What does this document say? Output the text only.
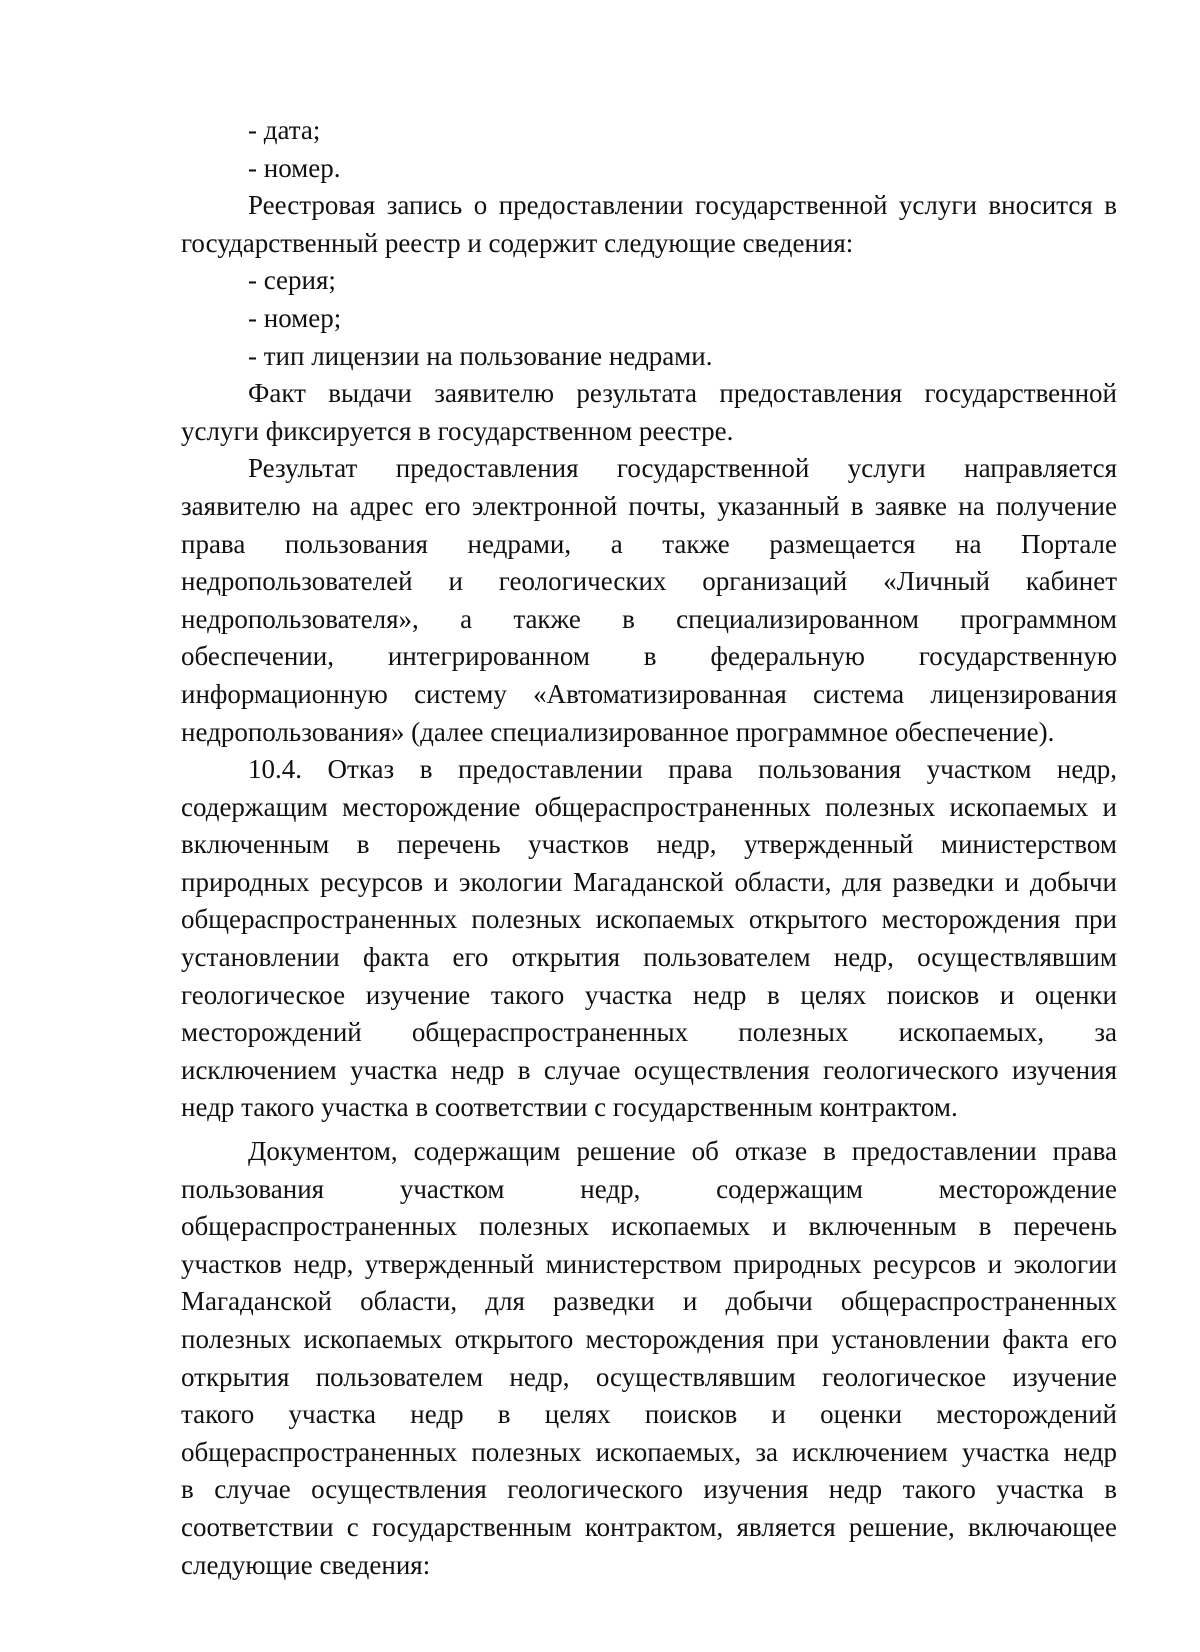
- дата;
- номер.
Реестровая запись о предоставлении государственной услуги вносится в
государственный реестр и содержит следующие сведения:
- серия;
- номер;
- тип лицензии на пользование недрами.
Факт выдачи заявителю результата предоставления государственной
услуги фиксируется в государственном реестре.
Результат предоставления государственной услуги направляется
заявителю на адрес его электронной почты, указанный в заявке на получение
права пользования недрами, а также размещается на Портале
недропользователей и геологических организаций «Личный кабинет
недропользователя», а также в специализированном программном
обеспечении, интегрированном в федеральную государственную
информационную систему «Автоматизированная система лицензирования
недропользования» (далее специализированное программное обеспечение).
10.4. Отказ в предоставлении права пользования участком недр,
содержащим месторождение общераспространенных полезных ископаемых и
включенным в перечень участков недр, утвержденный министерством
природных ресурсов и экологии Магаданской области, для разведки и добычи
общераспространенных полезных ископаемых открытого месторождения при
установлении факта его открытия пользователем недр, осуществлявшим
геологическое изучение такого участка недр в целях поисков и оценки
месторождений общераспространенных полезных ископаемых, за
исключением участка недр в случае осуществления геологического изучения
недр такого участка в соответствии с государственным контрактом.
Документом, содержащим решение об отказе в предоставлении права
пользования участком недр, содержащим месторождение
общераспространенных полезных ископаемых и включенным в перечень
участков недр, утвержденный министерством природных ресурсов и экологии
Магаданской области, для разведки и добычи общераспространенных
полезных ископаемых открытого месторождения при установлении факта его
открытия пользователем недр, осуществлявшим геологическое изучение
такого участка недр в целях поисков и оценки месторождений
общераспространенных полезных ископаемых, за исключением участка недр
в случае осуществления геологического изучения недр такого участка в
соответствии с государственным контрактом, является решение, включающее
следующие сведения:
